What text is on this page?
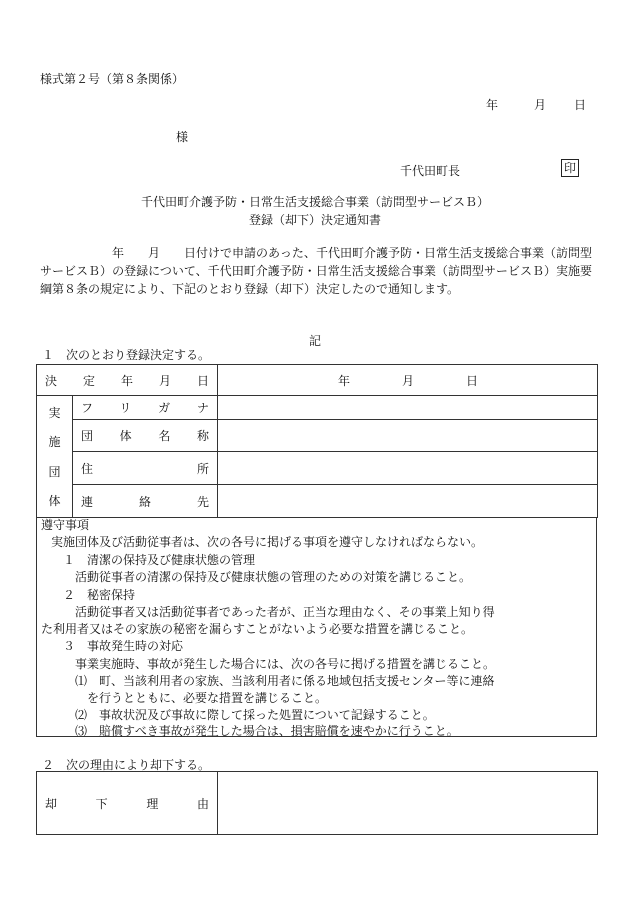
様式第２号（第８条関係）
年	月 日
様
千代田町長	印
千代田町介護予防・日常生活支援総合事業（訪問型サービスＢ）
登録（却下）決定通知書
　　　　　　年　　月　　日付けで申請のあった、千代田町介護予防・日常生活支援総合事業（訪問型サービスＢ）の登録について、千代田町介護予防・日常生活支援総合事業（訪問型サービスＢ）実施要綱第８条の規定により、下記のとおり登録（却下）決定したので通知します。
記
１　次のとおり登録決定する。
決定年月日		年 月 日

実
施
団
体	フリガナ	
	団体名称	
	住所	
	連絡先	
遵守事項
実施団体及び活動従事者は、次の各号に掲げる事項を遵守しなければならない。
１　清潔の保持及び健康状態の管理
活動従事者の清潔の保持及び健康状態の管理のための対策を講じること。
２　秘密保持
活動従事者又は活動従事者であった者が、正当な理由なく、その事業上知り得
た利用者又はその家族の秘密を漏らすことがないよう必要な措置を講じること。
３　事故発生時の対応
事業実施時、事故が発生した場合には、次の各号に掲げる措置を講じること。
⑴ 町、当該利用者の家族、当該利用者に係る地域包括支援センター等に連絡
を行うとともに、必要な措置を講じること。
⑵ 事故状況及び事故に際して採った処置について記録すること。
⑶ 賠償すべき事故が発生した場合は、損害賠償を速やかに行うこと。
２　次の理由により却下する。
却下理由	
